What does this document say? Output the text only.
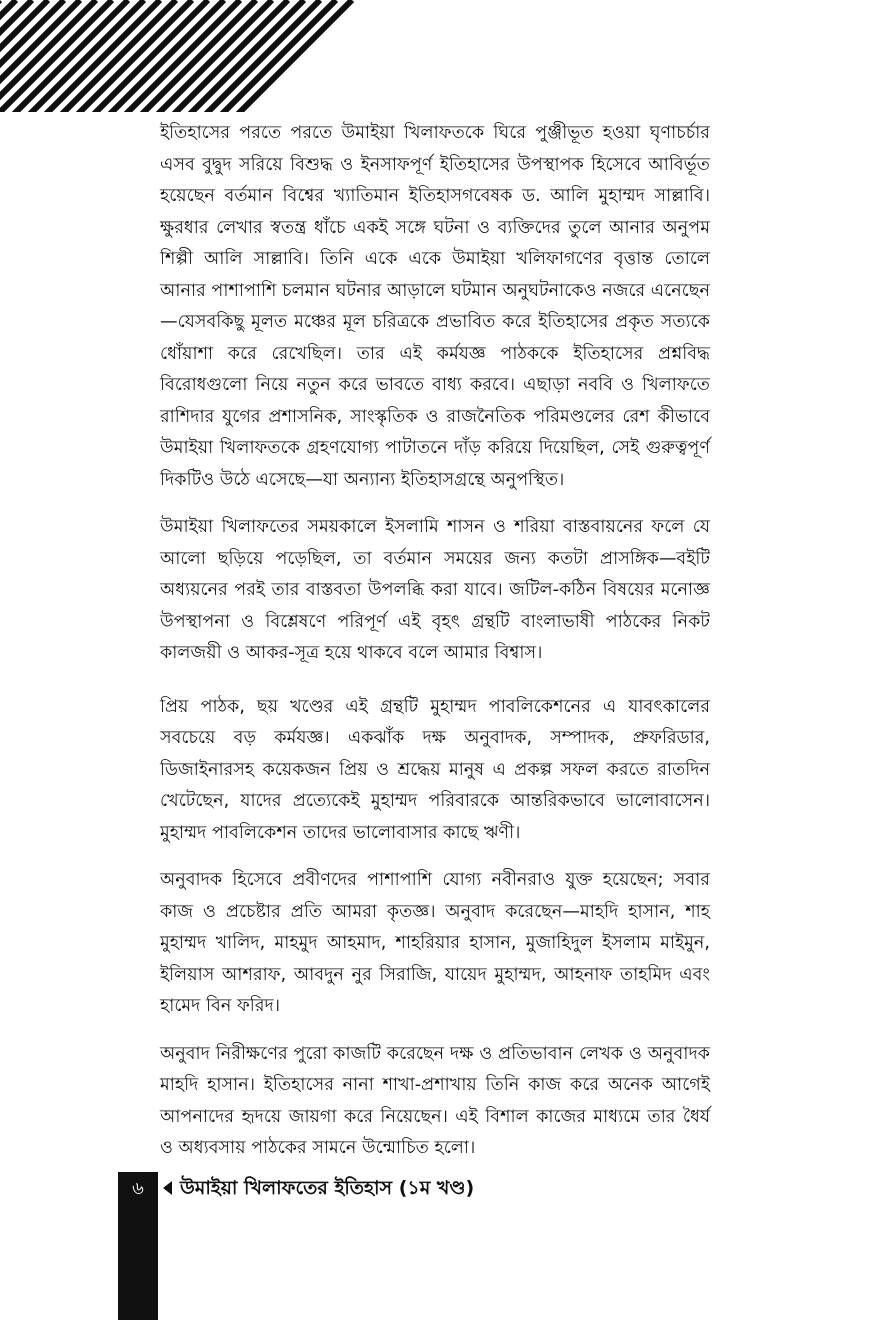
ইতিহাসের পরতে পরতে উমাইয়া খিলাফতকে ঘিরে পুঞ্জীভূত হওয়া ঘৃণাচর্চার এসব বুদ্বুদ সরিয়ে বিশুদ্ধ ও ইনসাফপূর্ণ ইতিহাসের উপস্থাপক হিসেবে আবির্ভূত হয়েছেন বর্তমান বিশ্বের খ্যাতিমান ইতিহাসগবেষক ড. আলি মুহাম্মদ সাল্লাবি। ক্ষুরধার লেখার স্বতন্ত্র ধাঁচে একই সঙ্গে ঘটনা ও ব্যক্তিদের তুলে আনার অনুপম শিল্পী আলি সাল্লাবি। তিনি একে একে উমাইয়া খলিফাগণের বৃত্তান্ত তোলে আনার পাশাপাশি চলমান ঘটনার আড়ালে ঘটমান অনুঘটনাকেও নজরে এনেছেন—যেসবকিছু মূলত মঞ্চের মূল চরিত্রকে প্রভাবিত করে ইতিহাসের প্রকৃত সত্যকে ধোঁয়াশা করে রেখেছিল। তার এই কর্মযজ্ঞ পাঠককে ইতিহাসের প্রশ্নবিদ্ধ বিরোধগুলো নিয়ে নতুন করে ভাবতে বাধ্য করবে। এছাড়া নববি ও খিলাফতে রাশিদার যুগের প্রশাসনিক, সাংস্কৃতিক ও রাজনৈতিক পরিমণ্ডলের রেশ কীভাবে উমাইয়া খিলাফতকে গ্রহণযোগ্য পাটাতনে দাঁড় করিয়ে দিয়েছিল, সেই গুরুত্বপূর্ণ দিকটিও উঠে এসেছে—যা অন্যান্য ইতিহাসগ্রন্থে অনুপস্থিত।

উমাইয়া খিলাফতের সময়কালে ইসলামি শাসন ও শরিয়া বাস্তবায়নের ফলে যে আলো ছড়িয়ে পড়েছিল, তা বর্তমান সময়ের জন্য কতটা প্রাসঙ্গিক—বইটি অধ্যয়নের পরই তার বাস্তবতা উপলব্ধি করা যাবে। জটিল-কঠিন বিষয়ের মনোজ্ঞ উপস্থাপনা ও বিশ্লেষণে পরিপূর্ণ এই বৃহৎ গ্রন্থটি বাংলাভাষী পাঠকের নিকট কালজয়ী ও আকর-সূত্র হয়ে থাকবে বলে আমার বিশ্বাস।

প্রিয় পাঠক, ছয় খণ্ডের এই গ্রন্থটি মুহাম্মদ পাবলিকেশনের এ যাবৎকালের সবচেয়ে বড় কর্মযজ্ঞ। একঝাঁক দক্ষ অনুবাদক, সম্পাদক, প্রুফরিডার, ডিজাইনারসহ কয়েকজন প্রিয় ও শ্রদ্ধেয় মানুষ এ প্রকল্প সফল করতে রাতদিন খেটেছেন, যাদের প্রত্যেকেই মুহাম্মদ পরিবারকে আন্তরিকভাবে ভালোবাসেন। মুহাম্মদ পাবলিকেশন তাদের ভালোবাসার কাছে ঋণী।

অনুবাদক হিসেবে প্রবীণদের পাশাপাশি যোগ্য নবীনরাও যুক্ত হয়েছেন; সবার কাজ ও প্রচেষ্টার প্রতি আমরা কৃতজ্ঞ। অনুবাদ করেছেন—মাহদি হাসান, শাহ মুহাম্মদ খালিদ, মাহমুদ আহমাদ, শাহরিয়ার হাসান, মুজাহিদুল ইসলাম মাইমুন, ইলিয়াস আশরাফ, আবদুন নুর সিরাজি, যায়েদ মুহাম্মদ, আহনাফ তাহমিদ এবং হামেদ বিন ফরিদ।

অনুবাদ নিরীক্ষণের পুরো কাজটি করেছেন দক্ষ ও প্রতিভাবান লেখক ও অনুবাদক মাহদি হাসান। ইতিহাসের নানা শাখা-প্রশাখায় তিনি কাজ করে অনেক আগেই আপনাদের হৃদয়ে জায়গা করে নিয়েছেন। এই বিশাল কাজের মাধ্যমে তার ধৈর্য ও অধ্যবসায় পাঠকের সামনে উন্মোচিত হলো।

৬	উমাইয়া খিলাফতের ইতিহাস (১ম খণ্ড)
